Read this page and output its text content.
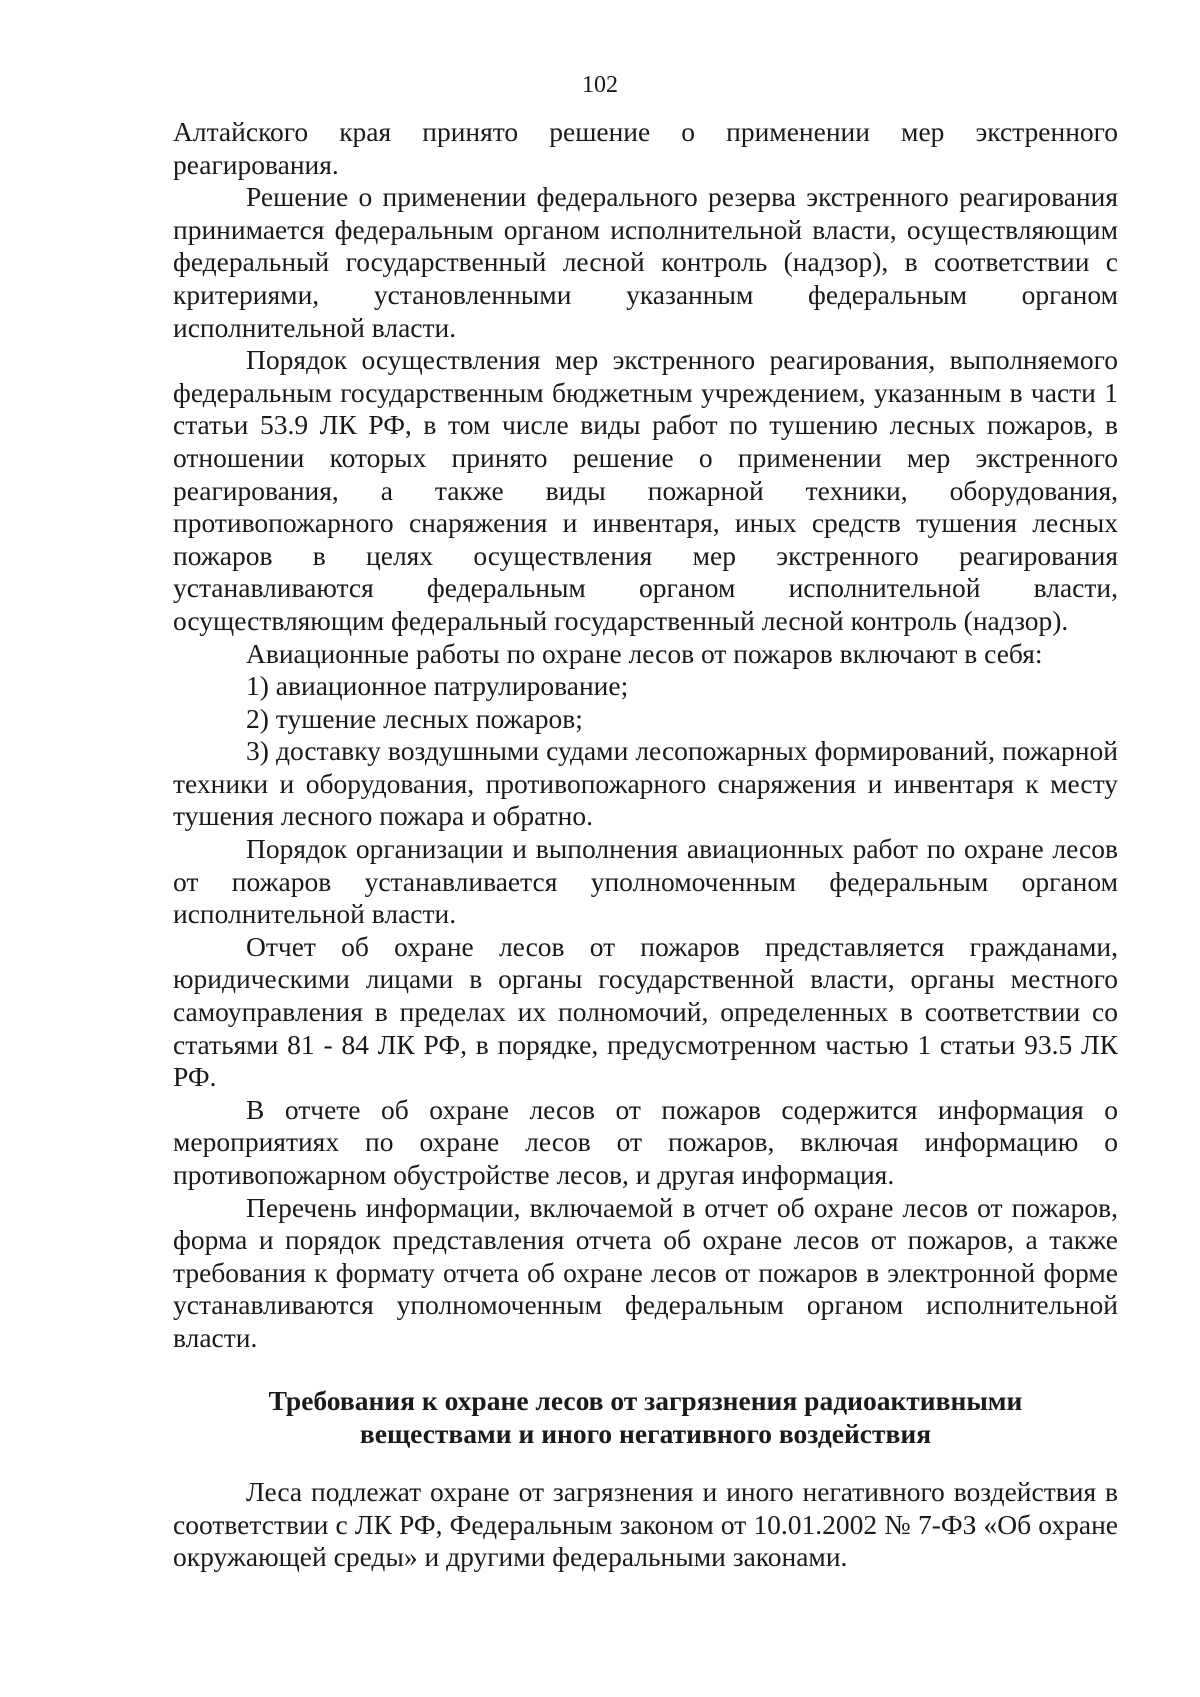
102

Алтайского края принято решение о применении мер экстренного реагирования.

Решение о применении федерального резерва экстренного реагирования принимается федеральным органом исполнительной власти, осуществляющим федеральный государственный лесной контроль (надзор), в соответствии с критериями, установленными указанным федеральным органом исполнительной власти.

Порядок осуществления мер экстренного реагирования, выполняемого федеральным государственным бюджетным учреждением, указанным в части 1 статьи 53.9 ЛК РФ, в том числе виды работ по тушению лесных пожаров, в отношении которых принято решение о применении мер экстренного реагирования, а также виды пожарной техники, оборудования, противопожарного снаряжения и инвентаря, иных средств тушения лесных пожаров в целях осуществления мер экстренного реагирования устанавливаются федеральным органом исполнительной власти, осуществляющим федеральный государственный лесной контроль (надзор).

Авиационные работы по охране лесов от пожаров включают в себя:

1) авиационное патрулирование;

2) тушение лесных пожаров;

3) доставку воздушными судами лесопожарных формирований, пожарной техники и оборудования, противопожарного снаряжения и инвентаря к месту тушения лесного пожара и обратно.

Порядок организации и выполнения авиационных работ по охране лесов от пожаров устанавливается уполномоченным федеральным органом исполнительной власти.

Отчет об охране лесов от пожаров представляется гражданами, юридическими лицами в органы государственной власти, органы местного самоуправления в пределах их полномочий, определенных в соответствии со статьями 81 - 84 ЛК РФ, в порядке, предусмотренном частью 1 статьи 93.5 ЛК РФ.

В отчете об охране лесов от пожаров содержится информация о мероприятиях по охране лесов от пожаров, включая информацию о противопожарном обустройстве лесов, и другая информация.

Перечень информации, включаемой в отчет об охране лесов от пожаров, форма и порядок представления отчета об охране лесов от пожаров, а также требования к формату отчета об охране лесов от пожаров в электронной форме устанавливаются уполномоченным федеральным органом исполнительной власти.

Требования к охране лесов от загрязнения радиоактивными
веществами и иного негативного воздействия

Леса подлежат охране от загрязнения и иного негативного воздействия в соответствии с ЛК РФ, Федеральным законом от 10.01.2002 № 7-ФЗ «Об охране окружающей среды» и другими федеральными законами.
